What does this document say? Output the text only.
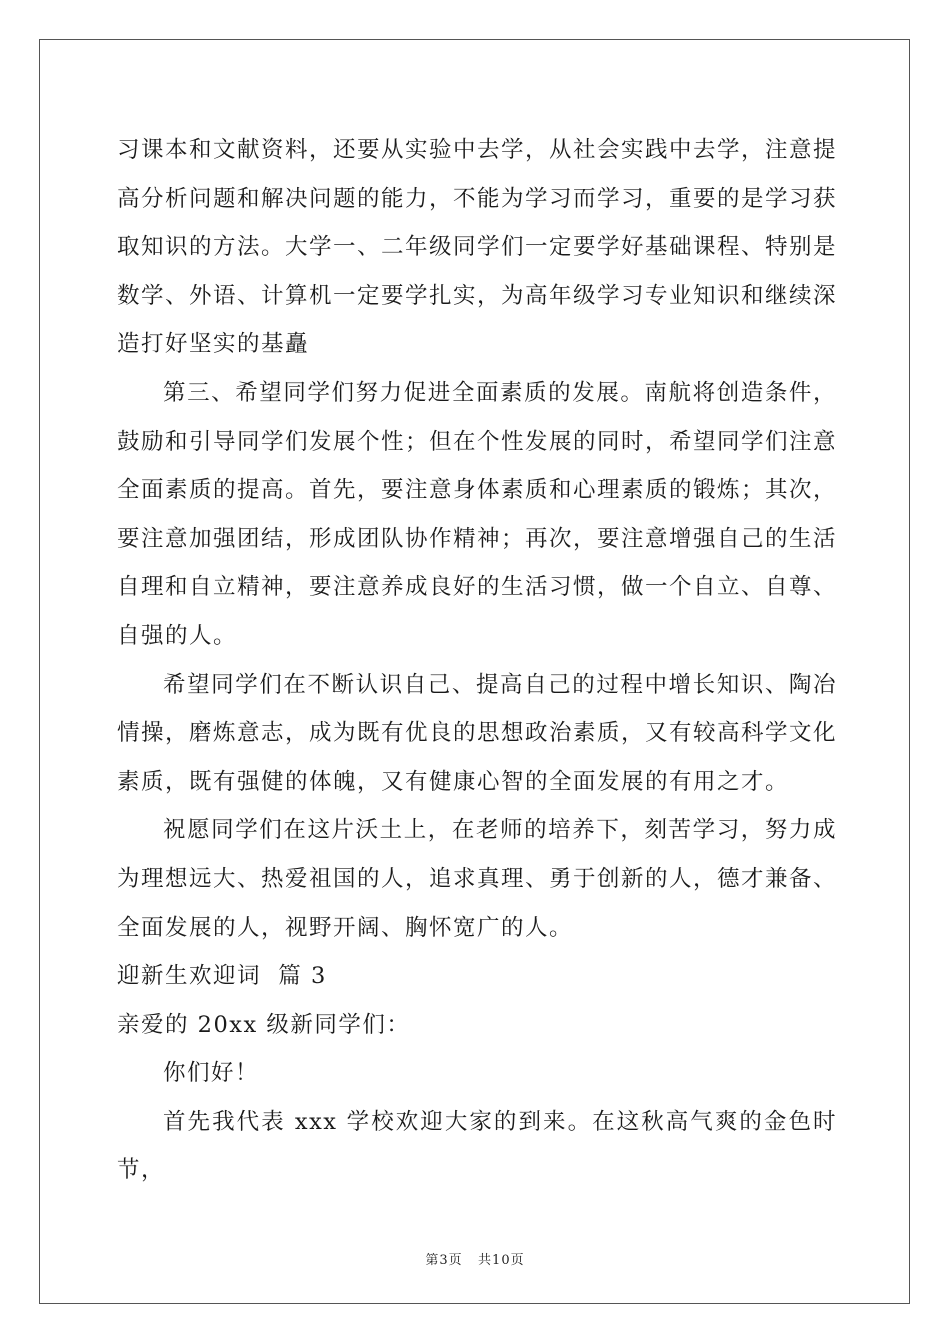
习课本和文献资料，还要从实验中去学，从社会实践中去学，注意提高分析问题和解决问题的能力，不能为学习而学习，重要的是学习获取知识的方法。大学一、二年级同学们一定要学好基础课程、特别是数学、外语、计算机一定要学扎实，为高年级学习专业知识和继续深造打好坚实的基矗

第三、希望同学们努力促进全面素质的发展。南航将创造条件，鼓励和引导同学们发展个性；但在个性发展的同时，希望同学们注意全面素质的提高。首先，要注意身体素质和心理素质的锻炼；其次，要注意加强团结，形成团队协作精神；再次，要注意增强自己的生活自理和自立精神，要注意养成良好的生活习惯，做一个自立、自尊、自强的人。

希望同学们在不断认识自己、提高自己的过程中增长知识、陶冶情操，磨炼意志，成为既有优良的思想政治素质，又有较高科学文化素质，既有强健的体魄，又有健康心智的全面发展的有用之才。

祝愿同学们在这片沃土上，在老师的培养下，刻苦学习，努力成为理想远大、热爱祖国的人，追求真理、勇于创新的人，德才兼备、全面发展的人，视野开阔、胸怀宽广的人。

迎新生欢迎词  篇 3

亲爱的 20xx 级新同学们：

你们好！

首先我代表 xxx 学校欢迎大家的到来。在这秋高气爽的金色时节，

第3页   共10页
